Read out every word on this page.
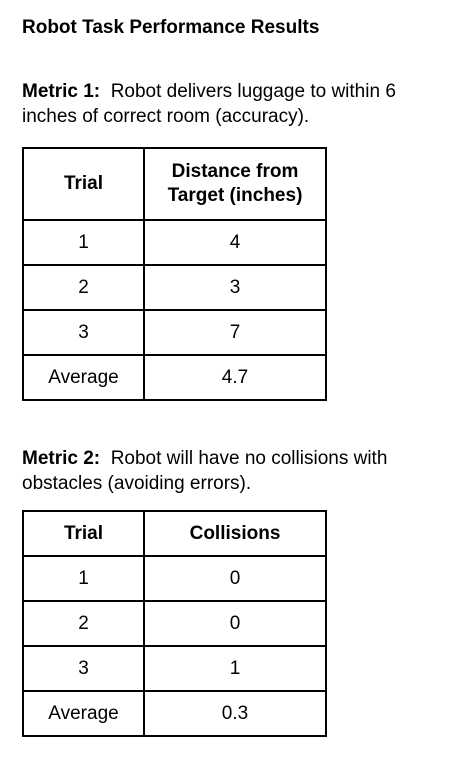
Robot Task Performance Results
Metric 1: Robot delivers luggage to within 6 inches of correct room (accuracy).
Trial	Distance from Target (inches)
1	4
2	3
3	7
Average	4.7
Metric 2: Robot will have no collisions with obstacles (avoiding errors).
Trial	Collisions
1	0
2	0
3	1
Average	0.3
